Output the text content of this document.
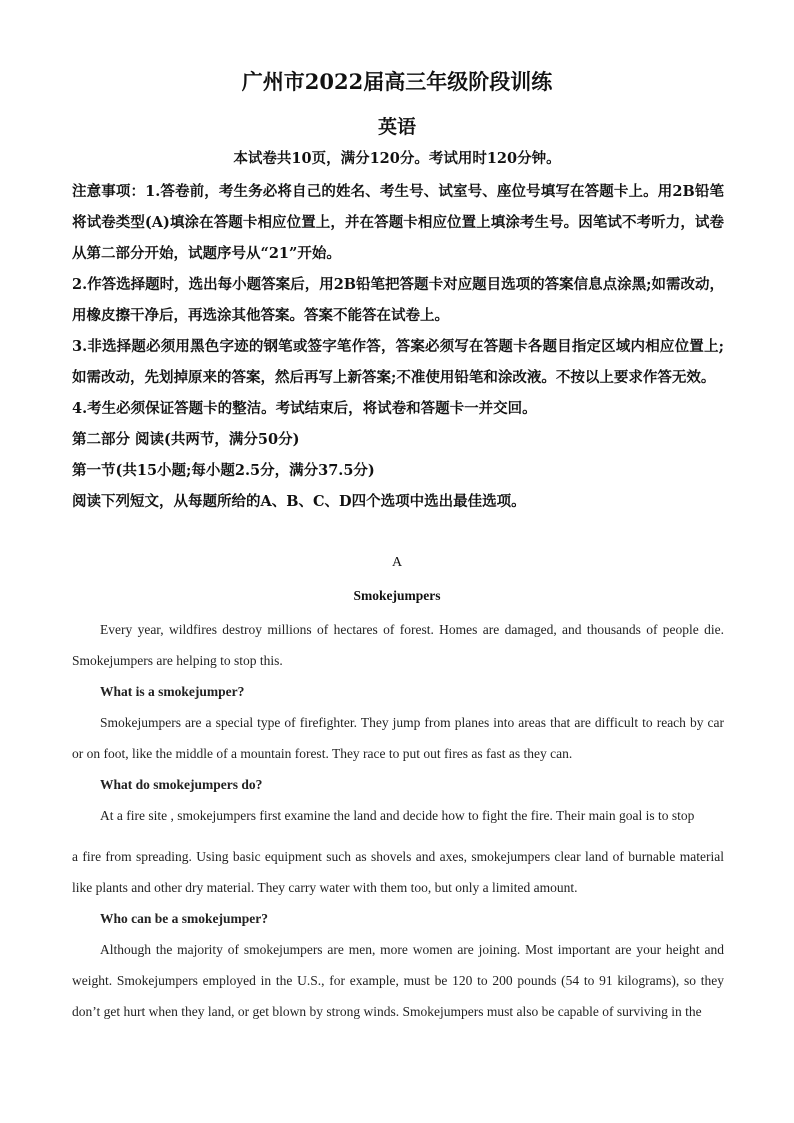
广州市2022届高三年级阶段训练
英语
本试卷共10页，满分120分。考试用时120分钟。

注意事项：1.答卷前，考生务必将自己的姓名、考生号、试室号、座位号填写在答题卡上。用2B铅笔将试卷类型(A)填涂在答题卡相应位置上，并在答题卡相应位置上填涂考生号。因笔试不考听力，试卷从第二部分开始，试题序号从“21”开始。

2.作答选择题时，选出每小题答案后，用2B铅笔把答题卡对应题目选项的答案信息点涂黑;如需改动，用橡皮擦干净后，再选涂其他答案。答案不能答在试卷上。

3.非选择题必须用黑色字迹的钢笔或签字笔作答，答案必须写在答题卡各题目指定区域内相应位置上;如需改动，先划掉原来的答案，然后再写上新答案;不准使用铅笔和涂改液。不按以上要求作答无效。

4.考生必须保证答题卡的整洁。考试结束后，将试卷和答题卡一并交回。

第二部分 阅读(共两节，满分50分)

第一节(共15小题;每小题2.5分，满分37.5分)

阅读下列短文，从每题所给的A、B、C、D四个选项中选出最佳选项。

A
Smokejumpers

Every year, wildfires destroy millions of hectares of forest. Homes are damaged, and thousands of people die. Smokejumpers are helping to stop this.

What is a smokejumper?

Smokejumpers are a special type of firefighter. They jump from planes into areas that are difficult to reach by car or on foot, like the middle of a mountain forest. They race to put out fires as fast as they can.

What do smokejumpers do?

At a fire site , smokejumpers first examine the land and decide how to fight the fire. Their main goal is to stop

a fire from spreading. Using basic equipment such as shovels and axes, smokejumpers clear land of burnable material like plants and other dry material. They carry water with them too, but only a limited amount.

Who can be a smokejumper?

Although the majority of smokejumpers are men, more women are joining. Most important are your height and weight. Smokejumpers employed in the U.S., for example, must be 120 to 200 pounds (54 to 91 kilograms), so they don’t get hurt when they land, or get blown by strong winds. Smokejumpers must also be capable of surviving in the
